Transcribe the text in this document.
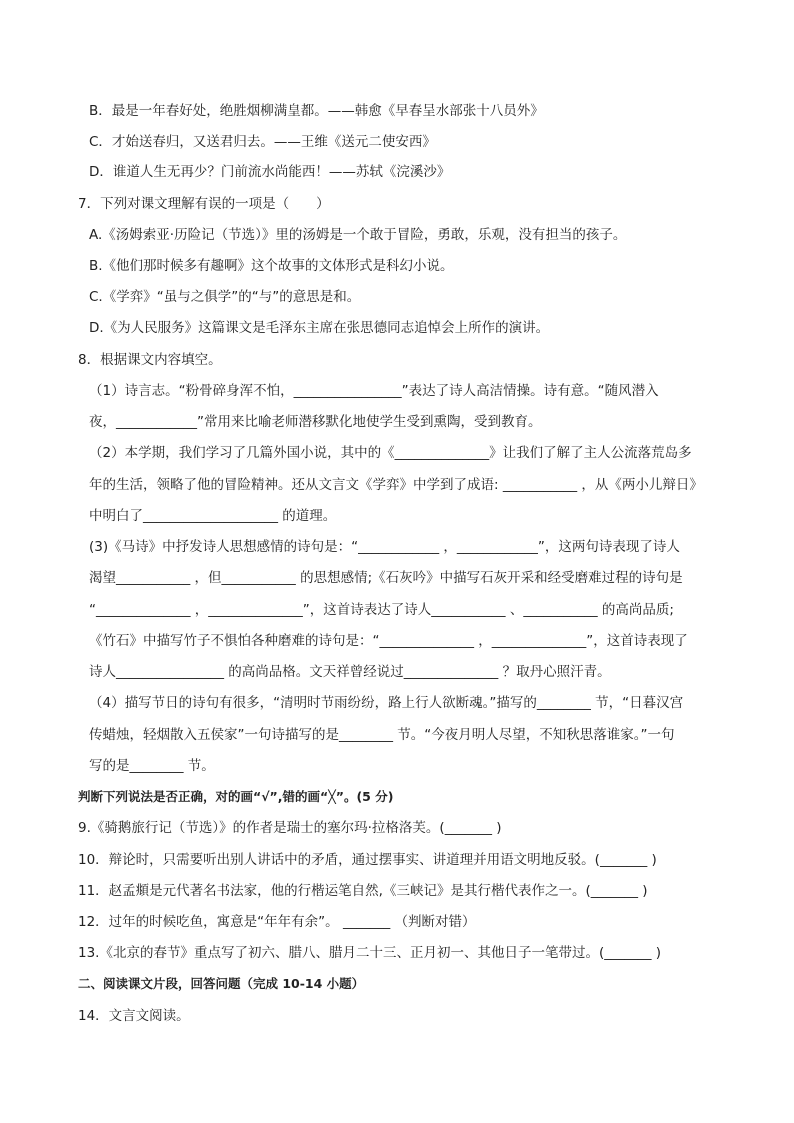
B．最是一年春好处，绝胜烟柳满皇都。——韩愈《早春呈水部张十八员外》
C．才始送春归，又送君归去。——王维《送元二使安西》
D．谁道人生无再少？门前流水尚能西！——苏轼《浣溪沙》
7．下列对课文理解有误的一项是（　　）
A.《汤姆索亚·历险记（节选）》里的汤姆是一个敢于冒险，勇敢，乐观，没有担当的孩子。
B.《他们那时候多有趣啊》这个故事的文体形式是科幻小说。
C.《学弈》“虽与之俱学”的“与”的意思是和。
D.《为人民服务》这篇课文是毛泽东主席在张思德同志追悼会上所作的演讲。
8．根据课文内容填空。
（1）诗言志。“粉骨碎身浑不怕，________________”表达了诗人高洁情操。诗有意。“随风潜入
夜，____________”常用来比喻老师潜移默化地使学生受到熏陶，受到教育。
（2）本学期，我们学习了几篇外国小说，其中的《______________》让我们了解了主人公流落荒岛多
年的生活，领略了他的冒险精神。还从文言文《学弈》中学到了成语: ___________ ，从《两小儿辩日》
中明白了____________________ 的道理。
(3)《马诗》中抒发诗人思想感情的诗句是：“____________ ，____________”，这两句诗表现了诗人
渴望___________ ，但___________ 的思想感情;《石灰吟》中描写石灰开采和经受磨难过程的诗句是
“______________ ，______________”，这首诗表达了诗人___________ 、___________ 的高尚品质;
《竹石》中描写竹子不惧怕各种磨难的诗句是：“______________ ，______________”，这首诗表现了
诗人________________ 的高尚品格。文天祥曾经说过______________ ？取丹心照汗青。
（4）描写节日的诗句有很多，“清明时节雨纷纷，路上行人欲断魂。”描写的________ 节，“日暮汉宫
传蜡烛，轻烟散入五侯家”一句诗描写的是________ 节。“今夜月明人尽望，不知秋思落谁家。”一句
写的是________ 节。
判断下列说法是否正确，对的画“√”,错的画“╳”。(5 分)
9.《骑鹅旅行记（节选）》的作者是瑞士的塞尔玛·拉格洛芙。(_______ )
10．辩论时，只需要听出别人讲话中的矛盾，通过摆事实、讲道理并用语文明地反驳。(_______ )
11．赵孟頫是元代著名书法家，他的行楷运笔自然,《三峡记》是其行楷代表作之一。(_______ )
12．过年的时候吃鱼，寓意是“年年有余”。 _______ （判断对错）
13.《北京的春节》重点写了初六、腊八、腊月二十三、正月初一、其他日子一笔带过。(_______ )
二、阅读课文片段，回答问题（完成 10-14 小题）
14．文言文阅读。
